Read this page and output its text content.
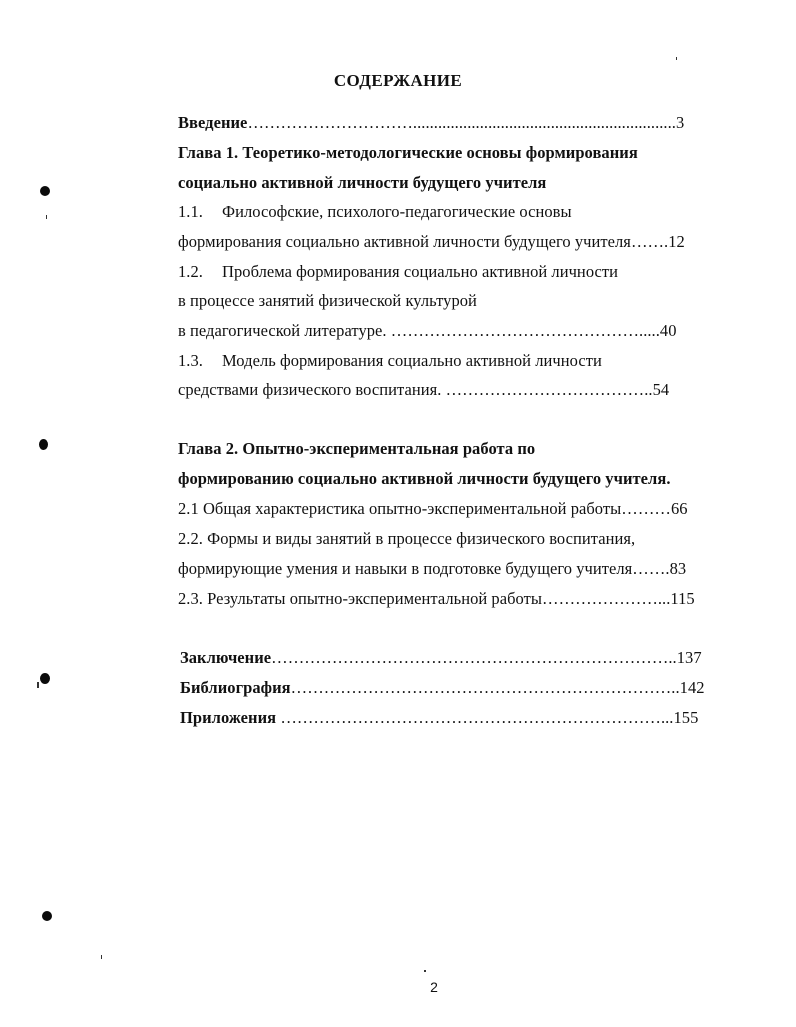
СОДЕРЖАНИЕ
Введение…………………………...............................................................3
Глава 1. Теоретико-методологические основы формирования
социально активной личности будущего учителя
1.1. Философские, психолого-педагогические основы
формирования социально активной личности будущего учителя…….12
1.2. Проблема формирования социально активной личности
в процессе занятий физической культурой
в педагогической литературе. ……………………………………….....40
1.3. Модель формирования социально активной личности
средствами физического воспитания. ………………………………..54
Глава 2. Опытно-экспериментальная работа по
формированию социально активной личности будущего учителя.
2.1 Общая характеристика опытно-экспериментальной работы………66
2.2. Формы и виды занятий в процессе физического воспитания,
формирующие умения и навыки в подготовке будущего учителя…….83
2.3. Результаты опытно-экспериментальной работы…………………...115
Заключение………………………………………………………………..137
Библиография……………………………………………………………..142
Приложения ……………………………………………………………...155
2
